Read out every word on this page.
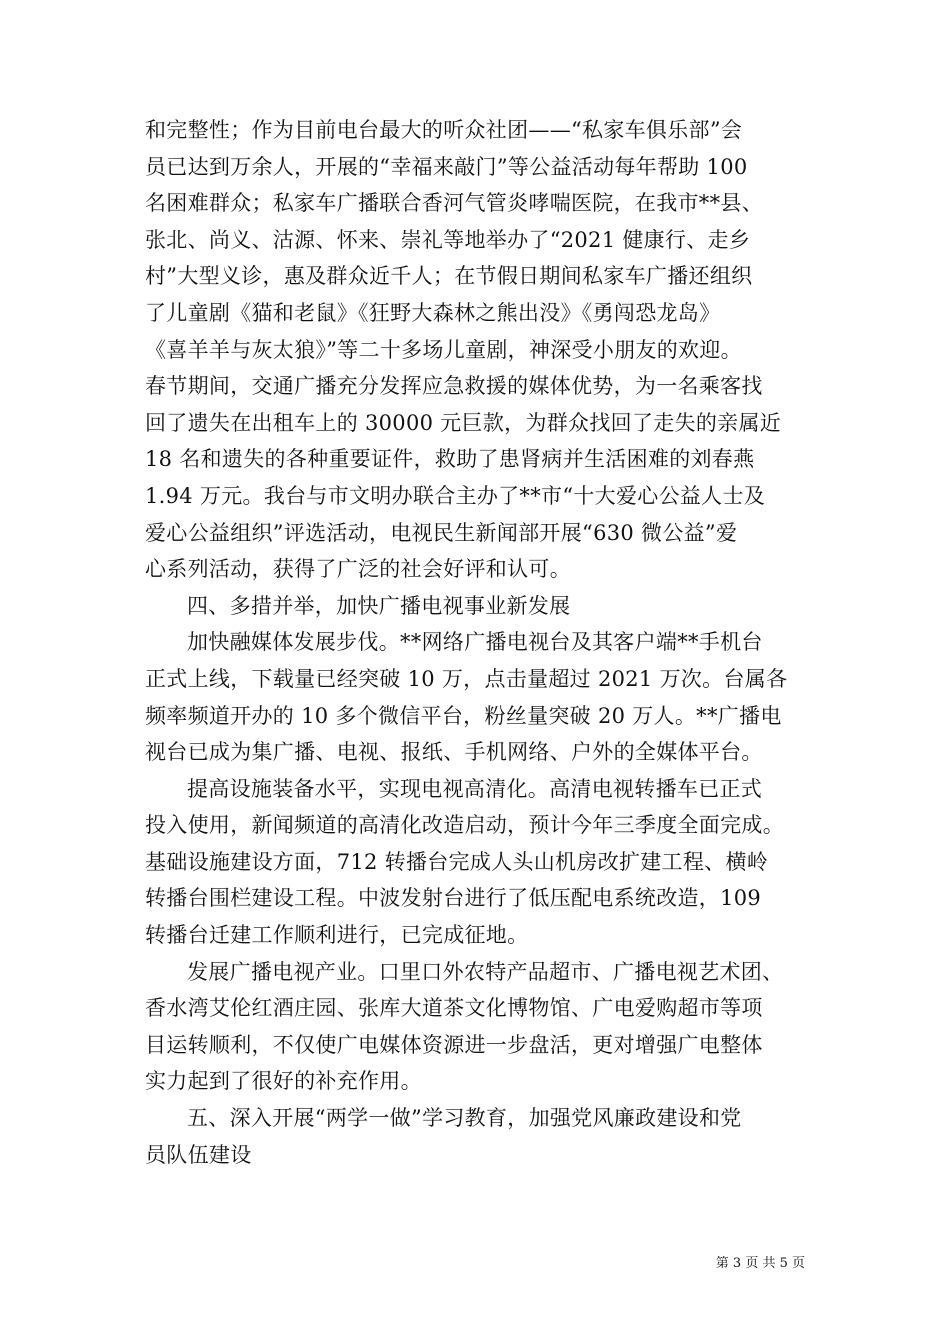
和完整性；作为目前电台最大的听众社团——“私家车俱乐部”会
员已达到万余人，开展的“幸福来敲门”等公益活动每年帮助 100
名困难群众；私家车广播联合香河气管炎哮喘医院，在我市**县、
张北、尚义、沽源、怀来、崇礼等地举办了“2021 健康行、走乡
村”大型义诊，惠及群众近千人；在节假日期间私家车广播还组织
了儿童剧《猫和老鼠》《狂野大森林之熊出没》《勇闯恐龙岛》
《喜羊羊与灰太狼》”等二十多场儿童剧，神深受小朋友的欢迎。
春节期间，交通广播充分发挥应急救援的媒体优势，为一名乘客找
回了遗失在出租车上的 30000 元巨款，为群众找回了走失的亲属近
18 名和遗失的各种重要证件，救助了患肾病并生活困难的刘春燕
1.94 万元。我台与市文明办联合主办了**市“十大爱心公益人士及
爱心公益组织”评选活动，电视民生新闻部开展“630 微公益”爱
心系列活动，获得了广泛的社会好评和认可。
四、多措并举，加快广播电视事业新发展
加快融媒体发展步伐。**网络广播电视台及其客户端**手机台
正式上线，下载量已经突破 10 万，点击量超过 2021 万次。台属各
频率频道开办的 10 多个微信平台，粉丝量突破 20 万人。**广播电
视台已成为集广播、电视、报纸、手机网络、户外的全媒体平台。
提高设施装备水平，实现电视高清化。高清电视转播车已正式
投入使用，新闻频道的高清化改造启动，预计今年三季度全面完成。
基础设施建设方面，712 转播台完成人头山机房改扩建工程、横岭
转播台围栏建设工程。中波发射台进行了低压配电系统改造，109
转播台迁建工作顺利进行，已完成征地。
发展广播电视产业。口里口外农特产品超市、广播电视艺术团、
香水湾艾伦红酒庄园、张库大道茶文化博物馆、广电爱购超市等项
目运转顺利，不仅使广电媒体资源进一步盘活，更对增强广电整体
实力起到了很好的补充作用。
五、深入开展“两学一做”学习教育，加强党风廉政建设和党
员队伍建设
第 3 页 共 5 页
